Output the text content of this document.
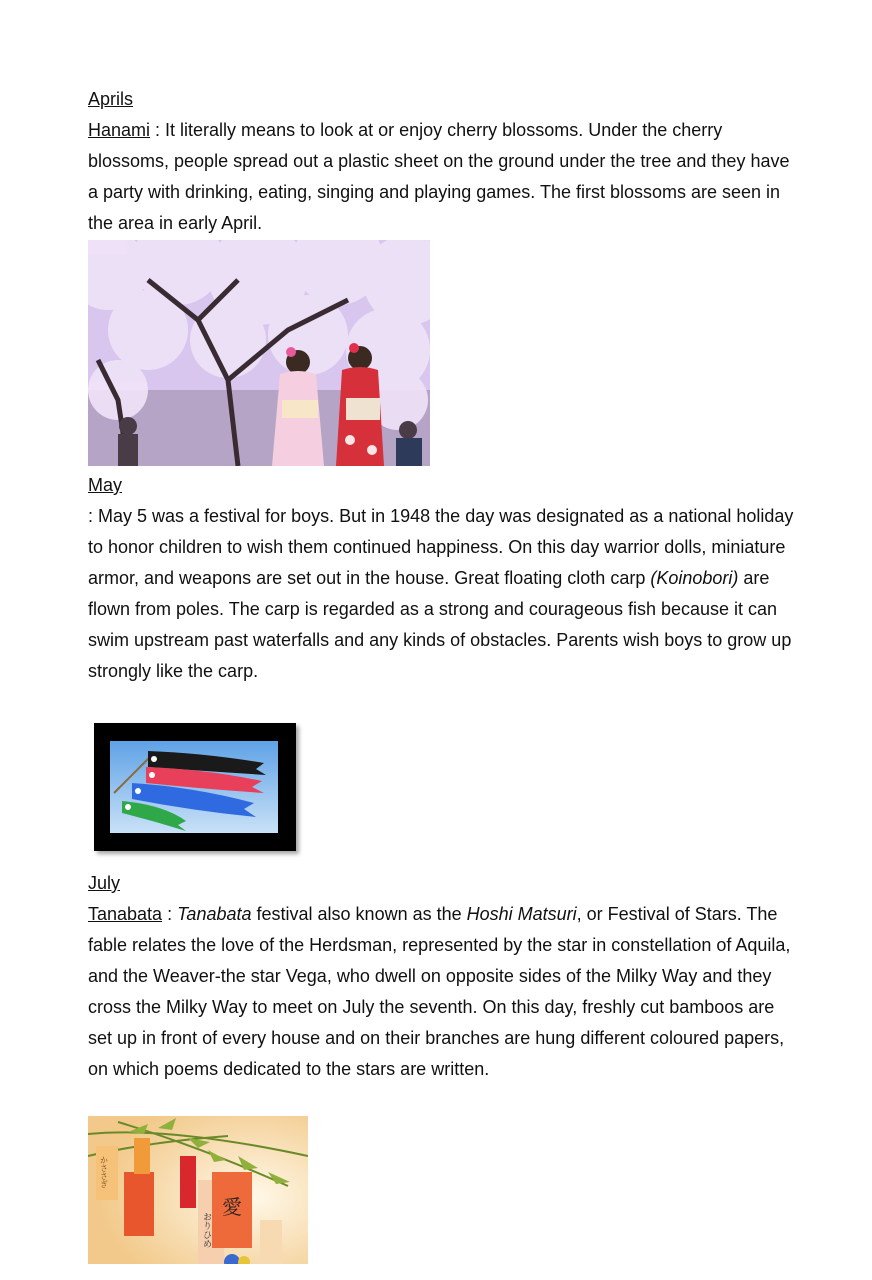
Aprils
Hanami : It literally means to look at or enjoy cherry blossoms. Under the cherry blossoms, people spread out a plastic sheet on the ground under the tree and they have a party with drinking, eating, singing and playing games. The first blossoms are seen in the area in early April.
May
: May 5 was a festival for boys. But in 1948 the day was designated as a national holiday to honor children to wish them continued happiness. On this day warrior dolls, miniature armor, and weapons are set out in the house. Great floating cloth carp (Koinobori) are flown from poles. The carp is regarded as a strong and courageous fish because it can swim upstream past waterfalls and any kinds of obstacles. Parents wish boys to grow up strongly like the carp.
July
Tanabata : Tanabata festival also known as the Hoshi Matsuri, or Festival of Stars. The fable relates the love of the Herdsman, represented by the star in constellation of Aquila, and the Weaver-the star Vega, who dwell on opposite sides of the Milky Way and they cross the Milky Way to meet on July the seventh. On this day, freshly cut bamboos are set up in front of every house and on their branches are hung different coloured papers, on which poems dedicated to the stars are written.
愛
おりひめ
かささぎ
